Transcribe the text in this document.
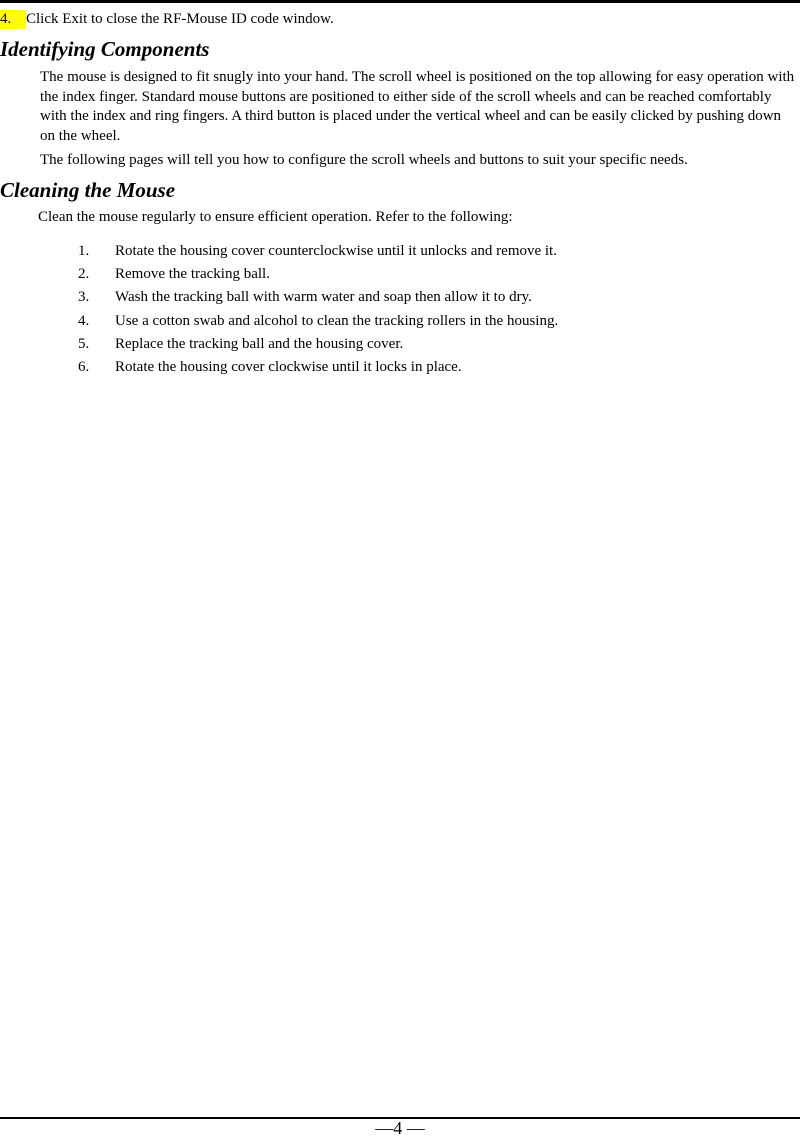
4. Click Exit to close the RF-Mouse ID code window.
Identifying Components

The mouse is designed to fit snugly into your hand. The scroll wheel is positioned on the top allowing for easy operation with the index finger. Standard mouse buttons are positioned to either side of the scroll wheels and can be reached comfortably with the index and ring fingers. A third button is placed under the vertical wheel and can be easily clicked by pushing down on the wheel.

The following pages will tell you how to configure the scroll wheels and buttons to suit your specific needs.

Cleaning the Mouse

Clean the mouse regularly to ensure efficient operation. Refer to the following:

1. Rotate the housing cover counterclockwise until it unlocks and remove it.
2. Remove the tracking ball.
3. Wash the tracking ball with warm water and soap then allow it to dry.
4. Use a cotton swab and alcohol to clean the tracking rollers in the housing.
5. Replace the tracking ball and the housing cover.
6. Rotate the housing cover clockwise until it locks in place.
—4 —
